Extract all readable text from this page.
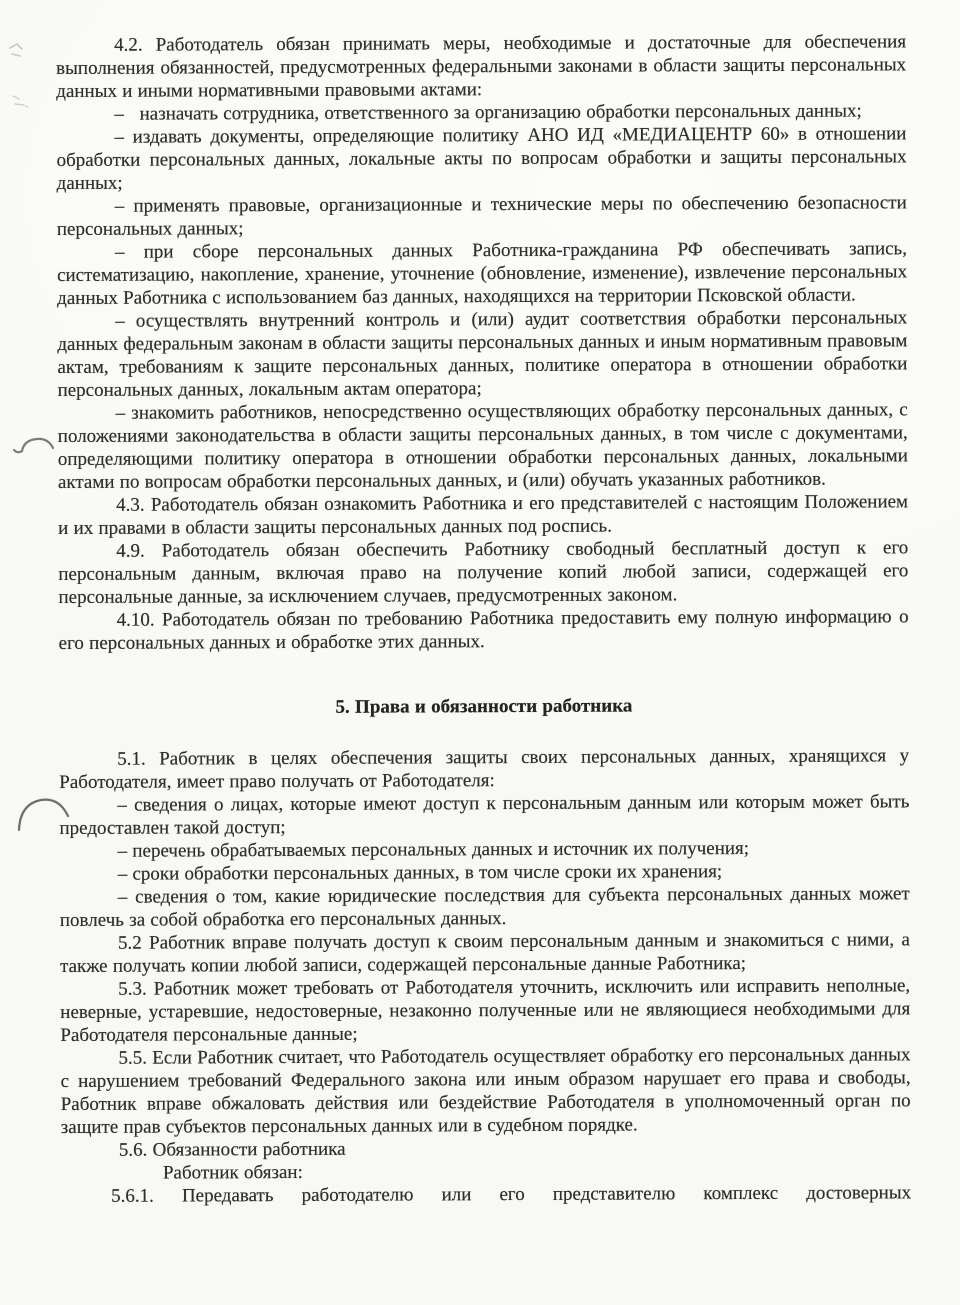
4.2. Работодатель обязан принимать меры, необходимые и достаточные для обеспечения выполнения обязанностей, предусмотренных федеральными законами в области защиты персональных данных и иными нормативными правовыми актами:

–   назначать сотрудника, ответственного за организацию обработки персональных данных;

– издавать документы, определяющие политику АНО ИД «МЕДИАЦЕНТР 60» в отношении обработки персональных данных, локальные акты по вопросам обработки и защиты персональных данных;

– применять правовые, организационные и технические меры по обеспечению безопасности персональных данных;

– при сборе персональных данных Работника-гражданина РФ обеспечивать запись, систематизацию, накопление, хранение, уточнение (обновление, изменение), извлечение персональных данных Работника с использованием баз данных, находящихся на территории Псковской области.

– осуществлять внутренний контроль и (или) аудит соответствия обработки персональных данных федеральным законам в области защиты персональных данных и иным нормативным правовым актам, требованиям к защите персональных данных, политике оператора в отношении обработки персональных данных, локальным актам оператора;

– знакомить работников, непосредственно осуществляющих обработку персональных данных, с положениями законодательства в области защиты персональных данных, в том числе с документами, определяющими политику оператора в отношении обработки персональных данных, локальными актами по вопросам обработки персональных данных, и (или) обучать указанных работников.

4.3. Работодатель обязан ознакомить Работника и его представителей с настоящим Положением и их правами в области защиты персональных данных под роспись.

4.9. Работодатель обязан обеспечить Работнику свободный бесплатный доступ к его персональным данным, включая право на получение копий любой записи, содержащей его персональные данные, за исключением случаев, предусмотренных законом.

4.10. Работодатель обязан по требованию Работника предоставить ему полную информацию о его персональных данных и обработке этих данных.

5. Права и обязанности работника

5.1. Работник в целях обеспечения защиты своих персональных данных, хранящихся у Работодателя, имеет право получать от Работодателя:

– сведения о лицах, которые имеют доступ к персональным данным или которым может быть предоставлен такой доступ;

– перечень обрабатываемых персональных данных и источник их получения;

– сроки обработки персональных данных, в том числе сроки их хранения;

– сведения о том, какие юридические последствия для субъекта персональных данных может повлечь за собой обработка его персональных данных.

5.2 Работник вправе получать доступ к своим персональным данным и знакомиться с ними, а также получать копии любой записи, содержащей персональные данные Работника;

5.3. Работник может требовать от Работодателя уточнить, исключить или исправить неполные, неверные, устаревшие, недостоверные, незаконно полученные или не являющиеся необходимыми для Работодателя персональные данные;

5.5. Если Работник считает, что Работодатель осуществляет обработку его персональных данных с нарушением требований Федерального закона или иным образом нарушает его права и свободы, Работник вправе обжаловать действия или бездействие Работодателя в уполномоченный орган по защите прав субъектов персональных данных или в судебном порядке.

5.6. Обязанности работника

Работник обязан:

5.6.1. Передавать работодателю или его представителю комплекс достоверных
